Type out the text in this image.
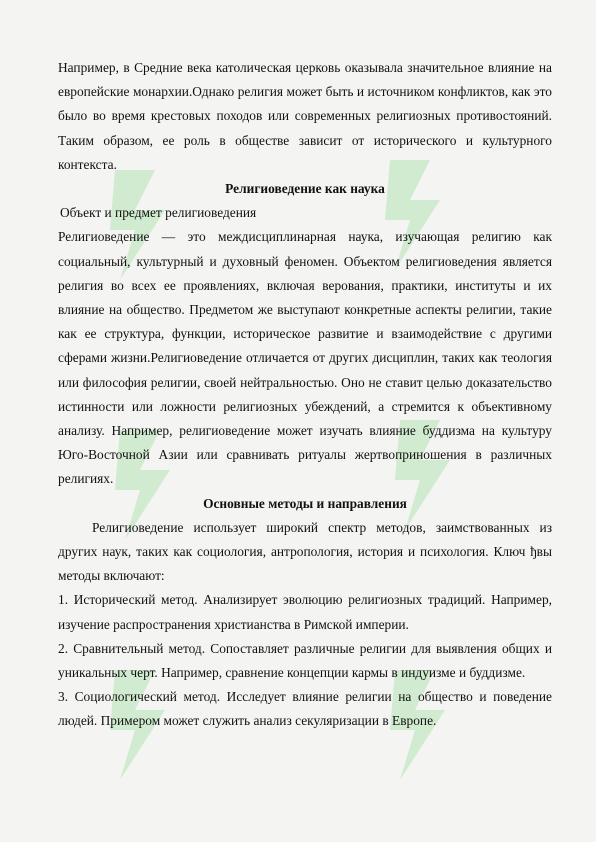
Например, в Средние века католическая церковь оказывала значительное влияние на европейские монархии.Однако религия может быть и источником конфликтов, как это было во время крестовых походов или современных религиозных противостояний. Таким образом, ее роль в обществе зависит от исторического и культурного контекста.

Религиоведение как наука

Объект и предмет религиоведения

Религиоведение — это междисциплинарная наука, изучающая религию как социальный, культурный и духовный феномен. Объектом религиоведения является религия во всех ее проявлениях, включая верования, практики, институты и их влияние на общество. Предметом же выступают конкретные аспекты религии, такие как ее структура, функции, историческое развитие и взаимодействие с другими сферами жизни.Религиоведение отличается от других дисциплин, таких как теология или философия религии, своей нейтральностью. Оно не ставит целью доказательство истинности или ложности религиозных убеждений, а стремится к объективному анализу. Например, религиоведение может изучать влияние буддизма на культуру Юго-Восточной Азии или сравнивать ритуалы жертвоприношения в различных религиях.

Основные методы и направления

Религиоведение использует широкий спектр методов, заимствованных из других наук, таких как социология, антропология, история и психология. Ключ ђвы методы включают:

1. Исторический метод. Анализирует эволюцию религиозных традиций. Например, изучение распространения христианства в Римской империи.

2. Сравнительный метод. Сопоставляет различные религии для выявления общих и уникальных черт. Например, сравнение концепции кармы в индуизме и буддизме.

3. Социологический метод. Исследует влияние религии на общество и поведение людей. Примером может служить анализ секуляризации в Европе.
